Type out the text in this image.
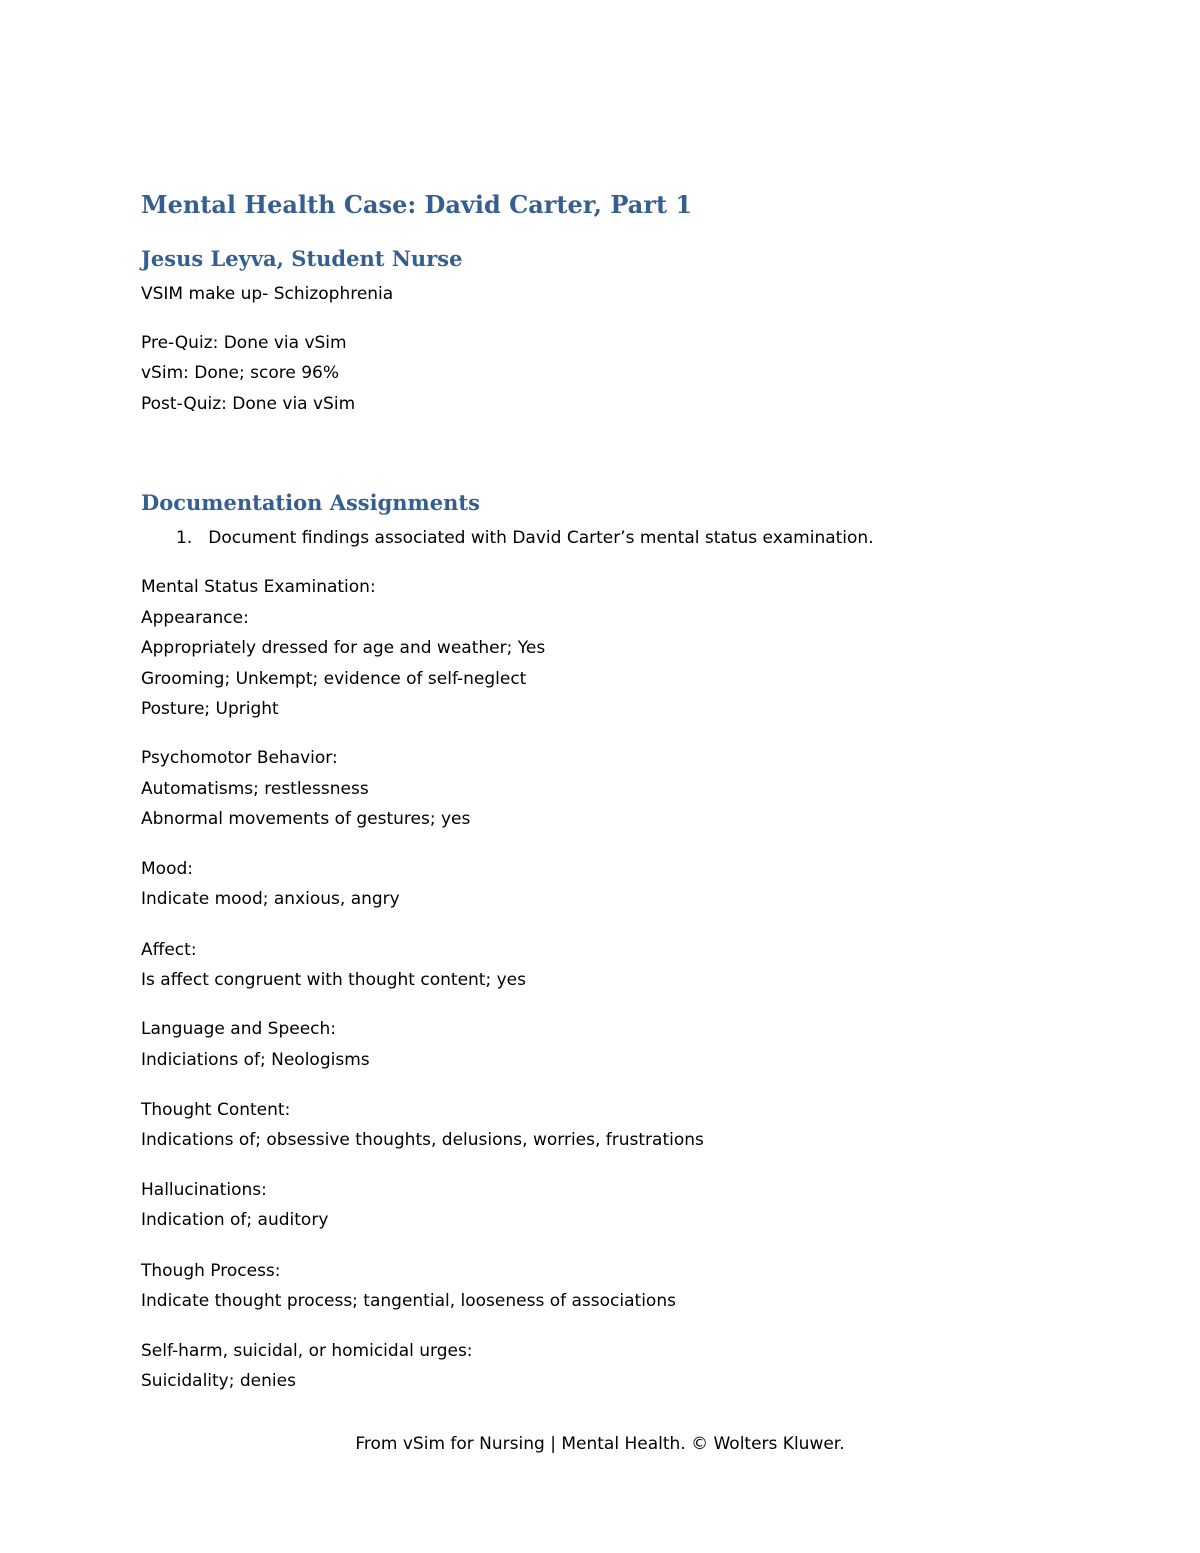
Mental Health Case: David Carter, Part 1
Jesus Leyva, Student Nurse

VSIM make up- Schizophrenia

Pre-Quiz: Done via vSim

vSim: Done; score 96%

Post-Quiz: Done via vSim

Documentation Assignments
1. Document findings associated with David Carter’s mental status examination.

Mental Status Examination:

Appearance:

Appropriately dressed for age and weather; Yes

Grooming; Unkempt; evidence of self-neglect

Posture; Upright

Psychomotor Behavior:

Automatisms; restlessness

Abnormal movements of gestures; yes

Mood:

Indicate mood; anxious, angry

Affect:

Is affect congruent with thought content; yes

Language and Speech:

Indiciations of; Neologisms

Thought Content:

Indications of; obsessive thoughts, delusions, worries, frustrations

Hallucinations:

Indication of; auditory

Though Process:

Indicate thought process; tangential, looseness of associations

Self-harm, suicidal, or homicidal urges:

Suicidality; denies

From vSim for Nursing | Mental Health. © Wolters Kluwer.
